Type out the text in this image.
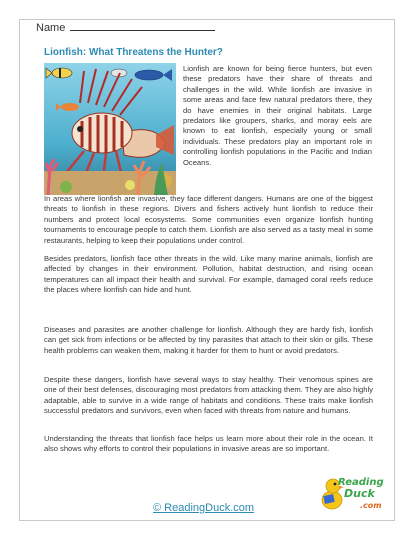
Name
Lionfish: What Threatens the Hunter?

Lionfish are known for being fierce hunters, but even these predators have their share of threats and challenges in the wild. While lionfish are invasive in some areas and face few natural predators there, they do have enemies in their original habitats. Large predators like groupers, sharks, and moray eels are known to eat lionfish, especially young or small individuals. These predators play an important role in controlling lionfish populations in the Pacific and Indian Oceans.

In areas where lionfish are invasive, they face different dangers. Humans are one of the biggest threats to lionfish in these regions. Divers and fishers actively hunt lionfish to reduce their numbers and protect local ecosystems. Some communities even organize lionfish hunting tournaments to encourage people to catch them. Lionfish are also served as a tasty meal in some restaurants, helping to keep their populations under control.

Besides predators, lionfish face other threats in the wild. Like many marine animals, lionfish are affected by changes in their environment. Pollution, habitat destruction, and rising ocean temperatures can all impact their health and survival. For example, damaged coral reefs reduce the places where lionfish can hide and hunt.

Diseases and parasites are another challenge for lionfish. Although they are hardy fish, lionfish can get sick from infections or be affected by tiny parasites that attach to their skin or gills. These health problems can weaken them, making it harder for them to hunt or avoid predators.

Despite these dangers, lionfish have several ways to stay healthy. Their venomous spines are one of their best defenses, discouraging most predators from attacking them. They are also highly adaptable, able to survive in a wide range of habitats and conditions. These traits make lionfish successful predators and survivors, even when faced with threats from nature and humans.

Understanding the threats that lionfish face helps us learn more about their role in the ocean. It also shows why efforts to control their populations in invasive areas are so important.

© ReadingDuck.com
Reading
Duck
.com
